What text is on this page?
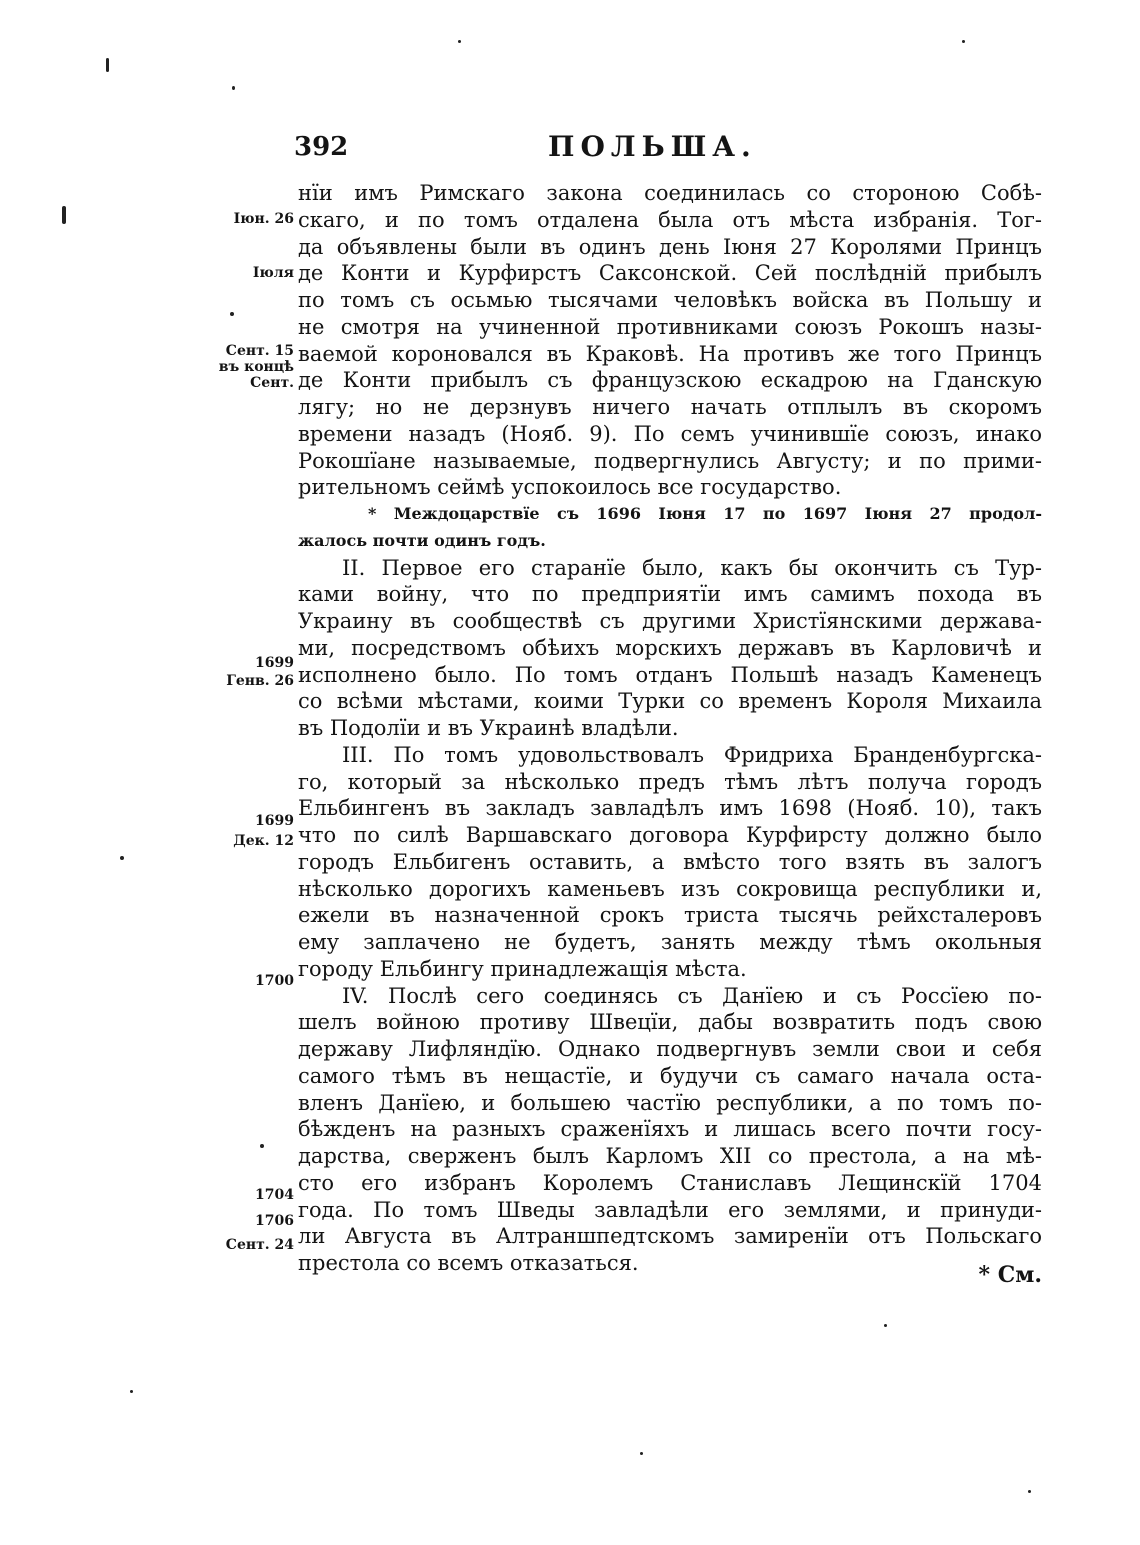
392	ПОЛЬША.
Іюн. 26
Іюля
Сент. 15
въ концѣ
Сент.
1699
Генв. 26
1699
Дек. 12
1700
1704
1706
Сент. 24
нїи имъ Римскаго закона соединилась со стороною Собѣ-
скаго, и по томъ отдалена была отъ мѣста избранія. Тог-
да объявлены были въ одинъ день Іюня 27 Королями Принцъ
де Конти и Курфирстъ Саксонской. Сей послѣдній прибылъ
по томъ съ осьмью тысячами человѣкъ войска въ Польшу и
не смотря на учиненной противниками союзъ Рокошъ назы-
ваемой короновался въ Краковѣ. На противъ же того Принцъ
де Конти прибылъ съ французскою ескадрою на Гданскую
лягу; но не дерзнувъ ничего начать отплылъ въ скоромъ
времени назадъ (Нояб. 9). По семъ учинившїе союзъ, инако
Рокошїане называемые, подвергнулись Августу; и по прими-
рительномъ сеймѣ успокоилось все государство.
* Междоцарствїе съ 1696 Іюня 17 по 1697 Іюня 27 продол-
жалось почти одинъ годъ.
II. Первое его старанїе было, какъ бы окончить съ Тур-
ками войну, что по предприятїи имъ самимъ похода въ
Украину въ сообществѣ съ другими Христїянскими держава-
ми, посредствомъ обѣихъ морскихъ державъ въ Карловичѣ и
исполнено было. По томъ отданъ Польшѣ назадъ Каменецъ
со всѣми мѣстами, коими Турки со временъ Короля Михаила
въ Подолїи и въ Украинѣ владѣли.
III. По томъ удовольствовалъ Фридриха Бранденбургска-
го, который за нѣсколько предъ тѣмъ лѣтъ получа городъ
Ельбингенъ въ закладъ завладѣлъ имъ 1698 (Нояб. 10), такъ
что по силѣ Варшавскаго договора Курфирсту должно было
городъ Ельбигенъ оставить, а вмѣсто того взять въ залогъ
нѣсколько дорогихъ каменьевъ изъ сокровища республики и,
ежели въ назначенной срокъ триста тысячь рейхсталеровъ
ему заплачено не будетъ, занять между тѣмъ окольныя
городу Ельбингу принадлежащія мѣста.
IV. Послѣ сего соединясь съ Данїею и съ Россїею по-
шелъ войною противу Швецїи, дабы возвратить подъ свою
державу Лифляндїю. Однако подвергнувъ земли свои и себя
самого тѣмъ въ нещастїе, и будучи съ самаго начала оста-
вленъ Данїею, и большею частїю республики, а по томъ по-
бѣжденъ на разныхъ сраженїяхъ и лишась всего почти госу-
дарства, сверженъ былъ Карломъ XII со престола, а на мѣ-
сто его избранъ Королемъ Станиславъ Лещинскїй 1704
года. По томъ Шведы завладѣли его землями, и принуди-
ли Августа въ Алтраншпедтскомъ замиренїи отъ Польскаго
престола со всемъ отказаться.	* См.
